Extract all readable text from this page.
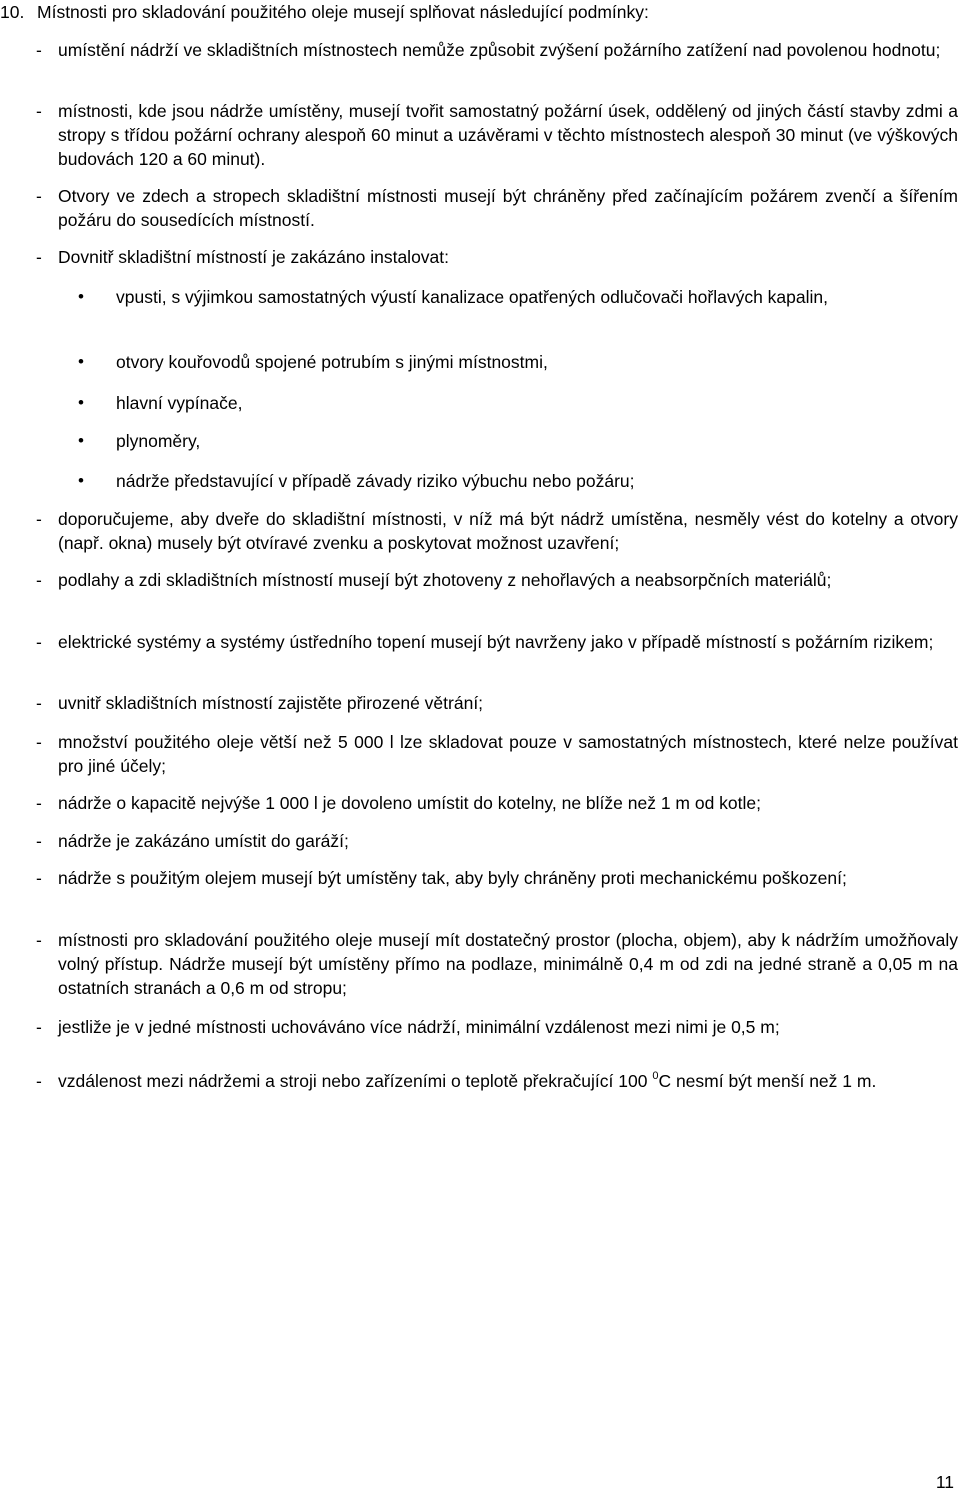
10. Místnosti pro skladování použitého oleje musejí splňovat následující podmínky:
- umístění nádrží ve skladištních místnostech nemůže způsobit zvýšení požárního zatížení nad povolenou hodnotu;
- místnosti, kde jsou nádrže umístěny, musejí tvořit samostatný požární úsek, oddělený od jiných částí stavby zdmi a stropy s třídou požární ochrany alespoň 60 minut a uzávěrami v těchto místnostech alespoň 30 minut (ve výškových budovách 120 a 60 minut).
- Otvory ve zdech a stropech skladištní místnosti musejí být chráněny před začínajícím požárem zvenčí a šířením požáru do sousedících místností.
- Dovnitř skladištní místností je zakázáno instalovat:
• vpusti, s výjimkou samostatných výustí kanalizace opatřených odlučovači hořlavých kapalin,
• otvory kouřovodů spojené potrubím s jinými místnostmi,
• hlavní vypínače,
• plynoměry,
• nádrže představující v případě závady riziko výbuchu nebo požáru;
- doporučujeme, aby dveře do skladištní místnosti, v níž má být nádrž umístěna, nesměly vést do kotelny a otvory (např. okna) musely být otvíravé zvenku a poskytovat možnost uzavření;
- podlahy a zdi skladištních místností musejí být zhotoveny z nehořlavých a neabsorpčních materiálů;
- elektrické systémy a systémy ústředního topení musejí být navrženy jako v případě místností s požárním rizikem;
- uvnitř skladištních místností zajistěte přirozené větrání;
- množství použitého oleje větší než 5 000 l lze skladovat pouze v samostatných místnostech, které nelze používat pro jiné účely;
- nádrže o kapacitě nejvýše 1 000 l je dovoleno umístit do kotelny, ne blíže než 1 m od kotle;
- nádrže je zakázáno umístit do garáží;
- nádrže s použitým olejem musejí být umístěny tak, aby byly chráněny proti mechanickému poškození;
- místnosti pro skladování použitého oleje musejí mít dostatečný prostor (plocha, objem), aby k nádržím umožňovaly volný přístup. Nádrže musejí být umístěny přímo na podlaze, minimálně 0,4 m od zdi na jedné straně a 0,05 m na ostatních stranách a 0,6 m od stropu;
- jestliže je v jedné místnosti uchováváno více nádrží, minimální vzdálenost mezi nimi je 0,5 m;
- vzdálenost mezi nádržemi a stroji nebo zařízeními o teplotě překračující 100 $^0$C nesmí být menší než 1 m.
11
